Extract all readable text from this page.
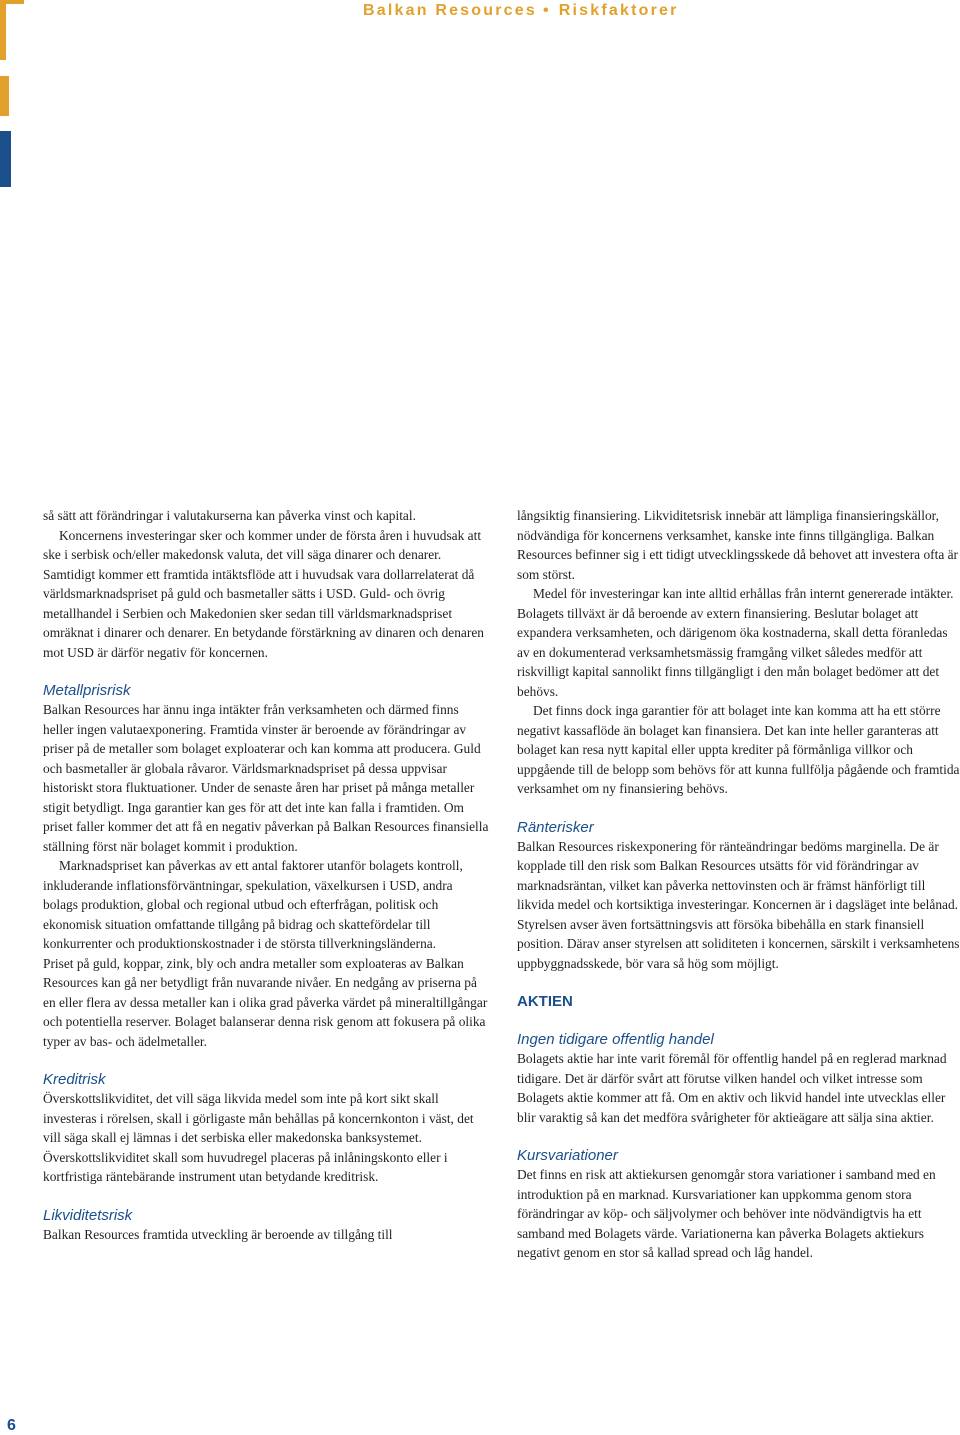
Balkan Resources • Riskfaktorer

så sätt att förändringar i valutakurserna kan påverka vinst och kapital.

Koncernens investeringar sker och kommer under de första åren i huvudsak att ske i serbisk och/eller makedonsk valuta, det vill säga dinarer och denarer. Samtidigt kommer ett framtida intäktsflöde att i huvudsak vara dollarrelaterat då världsmarknadspriset på guld och basmetaller sätts i USD. Guld- och övrig metallhandel i Serbien och Makedonien sker sedan till världsmarknadspriset omräknat i dinarer och denarer. En betydande förstärkning av dinaren och denaren mot USD är därför negativ för koncernen.

Metallprisrisk

Balkan Resources har ännu inga intäkter från verksamheten och därmed finns heller ingen valutaexponering. Framtida vinster är beroende av förändringar av priser på de metaller som bolaget exploaterar och kan komma att producera. Guld och basmetaller är globala råvaror. Världsmarknadspriset på dessa uppvisar historiskt stora fluktuationer. Under de senaste åren har priset på många metaller stigit betydligt. Inga garantier kan ges för att det inte kan falla i framtiden. Om priset faller kommer det att få en negativ påverkan på Balkan Resources finansiella ställning först när bolaget kommit i produktion.

Marknadspriset kan påverkas av ett antal faktorer utanför bolagets kontroll, inkluderande inflationsförväntningar, spekulation, växelkursen i USD, andra bolags produktion, global och regional utbud och efterfrågan, politisk och ekonomisk situation omfattande tillgång på bidrag och skattefördelar till konkurrenter och produktionskostnader i de största tillverkningsländerna.

Priset på guld, koppar, zink, bly och andra metaller som exploateras av Balkan Resources kan gå ner betydligt från nuvarande nivåer. En nedgång av priserna på en eller flera av dessa metaller kan i olika grad påverka värdet på mineraltillgångar och potentiella reserver. Bolaget balanserar denna risk genom att fokusera på olika typer av bas- och ädelmetaller.

Kreditrisk

Överskottslikviditet, det vill säga likvida medel som inte på kort sikt skall investeras i rörelsen, skall i görligaste mån behållas på koncernkonton i väst, det vill säga skall ej lämnas i det serbiska eller makedonska banksystemet. Överskottslikviditet skall som huvudregel placeras på inlåningskonto eller i kortfristiga räntebärande instrument utan betydande kreditrisk.

Likviditetsrisk

Balkan Resources framtida utveckling är beroende av tillgång till

långsiktig finansiering. Likviditetsrisk innebär att lämpliga finansieringskällor, nödvändiga för koncernens verksamhet, kanske inte finns tillgängliga. Balkan Resources befinner sig i ett tidigt utvecklingsskede då behovet att investera ofta är som störst.

Medel för investeringar kan inte alltid erhållas från internt genererade intäkter. Bolagets tillväxt är då beroende av extern finansiering. Beslutar bolaget att expandera verksamheten, och därigenom öka kostnaderna, skall detta föranledas av en dokumenterad verksamhetsmässig framgång vilket således medför att riskvilligt kapital sannolikt finns tillgängligt i den mån bolaget bedömer att det behövs.

Det finns dock inga garantier för att bolaget inte kan komma att ha ett större negativt kassaflöde än bolaget kan finansiera. Det kan inte heller garanteras att bolaget kan resa nytt kapital eller uppta krediter på förmånliga villkor och uppgående till de belopp som behövs för att kunna fullfölja pågående och framtida verksamhet om ny finansiering behövs.

Ränterisker

Balkan Resources riskexponering för ränteändringar bedöms marginella. De är kopplade till den risk som Balkan Resources utsätts för vid förändringar av marknadsräntan, vilket kan påverka nettovinsten och är främst hänförligt till likvida medel och kortsiktiga investeringar. Koncernen är i dagsläget inte belånad. Styrelsen avser även fortsättningsvis att försöka bibehålla en stark finansiell position. Därav anser styrelsen att soliditeten i koncernen, särskilt i verksamhetens uppbyggnadsskede, bör vara så hög som möjligt.

AKTIEN
Ingen tidigare offentlig handel

Bolagets aktie har inte varit föremål för offentlig handel på en reglerad marknad tidigare. Det är därför svårt att förutse vilken handel och vilket intresse som Bolagets aktie kommer att få. Om en aktiv och likvid handel inte utvecklas eller blir varaktig så kan det medföra svårigheter för aktieägare att sälja sina aktier.

Kursvariationer

Det finns en risk att aktiekursen genomgår stora variationer i samband med en introduktion på en marknad. Kursvariationer kan uppkomma genom stora förändringar av köp- och säljvolymer och behöver inte nödvändigtvis ha ett samband med Bolagets värde. Variationerna kan påverka Bolagets aktiekurs negativt genom en stor så kallad spread och låg handel.

6
